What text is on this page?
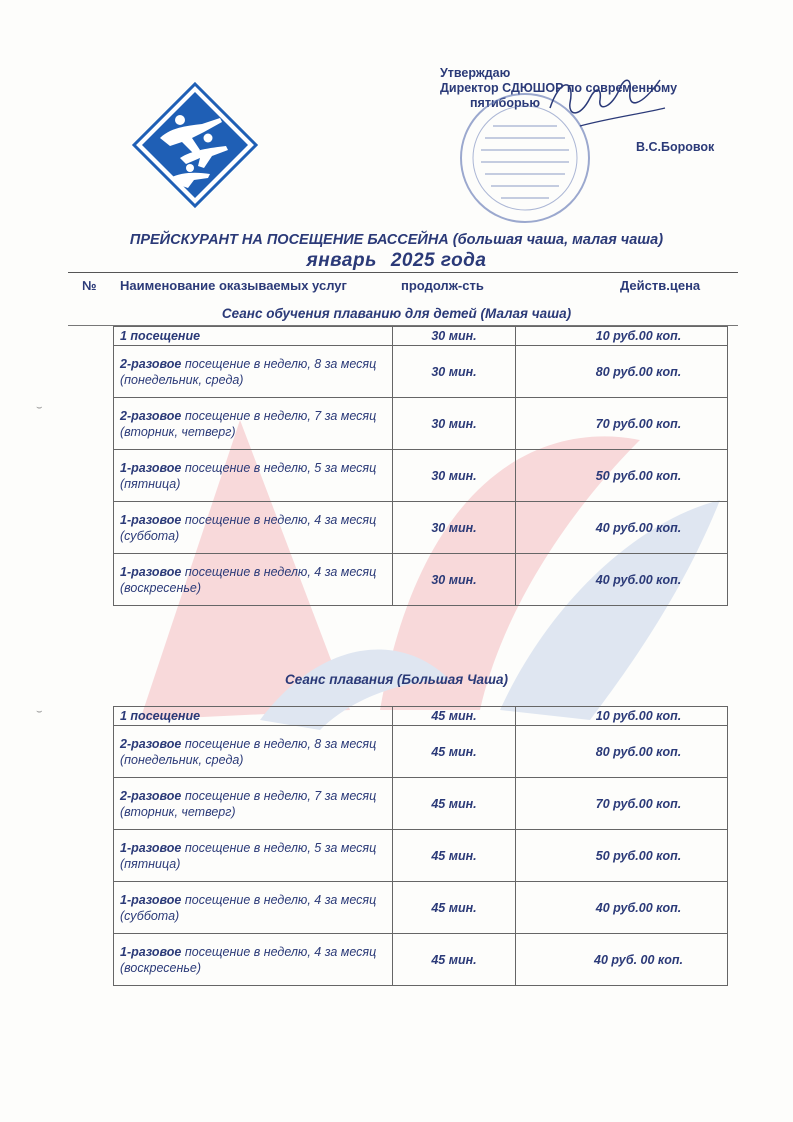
Утверждаю
Директор СДЮШОР по современному
пятиборью
В.С.Боровок
ПРЕЙСКУРАНТ НА ПОСЕЩЕНИЕ БАССЕЙНА (большая чаша, малая чаша)
январь 2025 года
№ Наименование оказываемых услуг	продолж-сть	Действ.цена
Сеанс обучения плаванию для детей (Малая чаша)
1 посещение	30 мин.	10 руб.00 коп.
2-разовое посещение в неделю, 8 за месяц
(понедельник, среда)	30 мин.	80 руб.00 коп.
2-разовое посещение в неделю, 7 за месяц
(вторник, четверг)	30 мин.	70 руб.00 коп.
1-разовое посещение в неделю, 5 за месяц
(пятница)	30 мин.	50 руб.00 коп.
1-разовое посещение в неделю, 4 за месяц
(суббота)	30 мин.	40 руб.00 коп.
1-разовое посещение в неделю, 4 за месяц
(воскресенье)	30 мин.	40 руб.00 коп.
Сеанс плавания (Большая Чаша)
1 посещение	45 мин.	10 руб.00 коп.
2-разовое посещение в неделю, 8 за месяц
(понедельник, среда)	45 мин.	80 руб.00 коп.
2-разовое посещение в неделю, 7 за месяц
(вторник, четверг)	45 мин.	70 руб.00 коп.
1-разовое посещение в неделю, 5 за месяц
(пятница)	45 мин.	50 руб.00 коп.
1-разовое посещение в неделю, 4 за месяц
(суббота)	45 мин.	40 руб.00 коп.
1-разовое посещение в неделю, 4 за месяц
(воскресенье)	45 мин.	40 руб. 00 коп.
⌣
⌣
